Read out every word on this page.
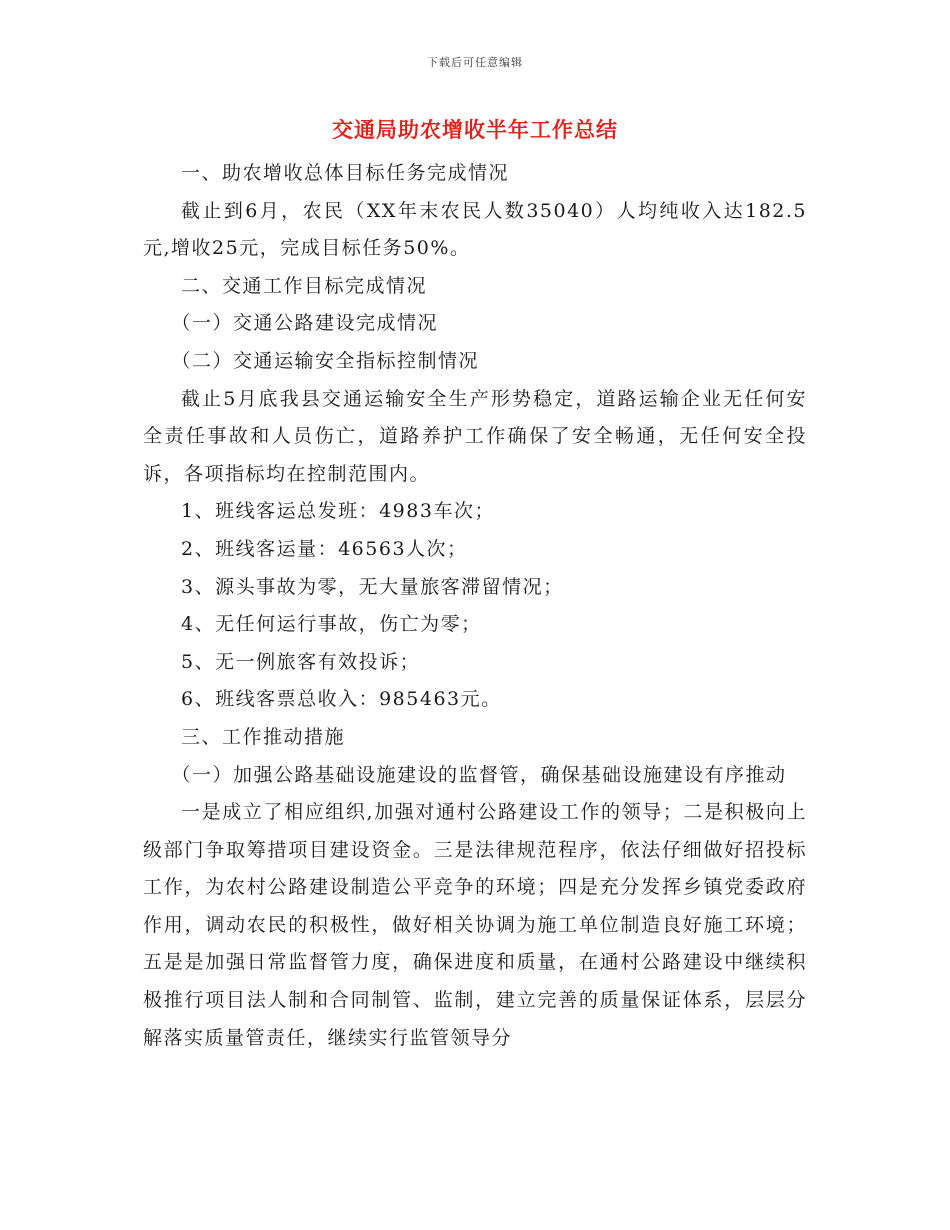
下载后可任意编辑
交通局助农增收半年工作总结

一、助农增收总体目标任务完成情况

截止到6月，农民（XX年末农民人数35040）人均纯收入达182.5元,增收25元，完成目标任务50%。

二、交通工作目标完成情况

（一）交通公路建设完成情况

（二）交通运输安全指标控制情况

截止5月底我县交通运输安全生产形势稳定，道路运输企业无任何安全责任事故和人员伤亡，道路养护工作确保了安全畅通，无任何安全投诉，各项指标均在控制范围内。

1、班线客运总发班：4983车次；

2、班线客运量：46563人次；

3、源头事故为零，无大量旅客滞留情况；

4、无任何运行事故，伤亡为零；

5、无一例旅客有效投诉；

6、班线客票总收入：985463元。

三、工作推动措施

（一）加强公路基础设施建设的监督管，确保基础设施建设有序推动

一是成立了相应组织,加强对通村公路建设工作的领导；二是积极向上级部门争取筹措项目建设资金。三是法律规范程序，依法仔细做好招投标工作，为农村公路建设制造公平竞争的环境；四是充分发挥乡镇党委政府作用，调动农民的积极性，做好相关协调为施工单位制造良好施工环境；五是是加强日常监督管力度，确保进度和质量，在通村公路建设中继续积极推行项目法人制和合同制管、监制，建立完善的质量保证体系，层层分解落实质量管责任，继续实行监管领导分
